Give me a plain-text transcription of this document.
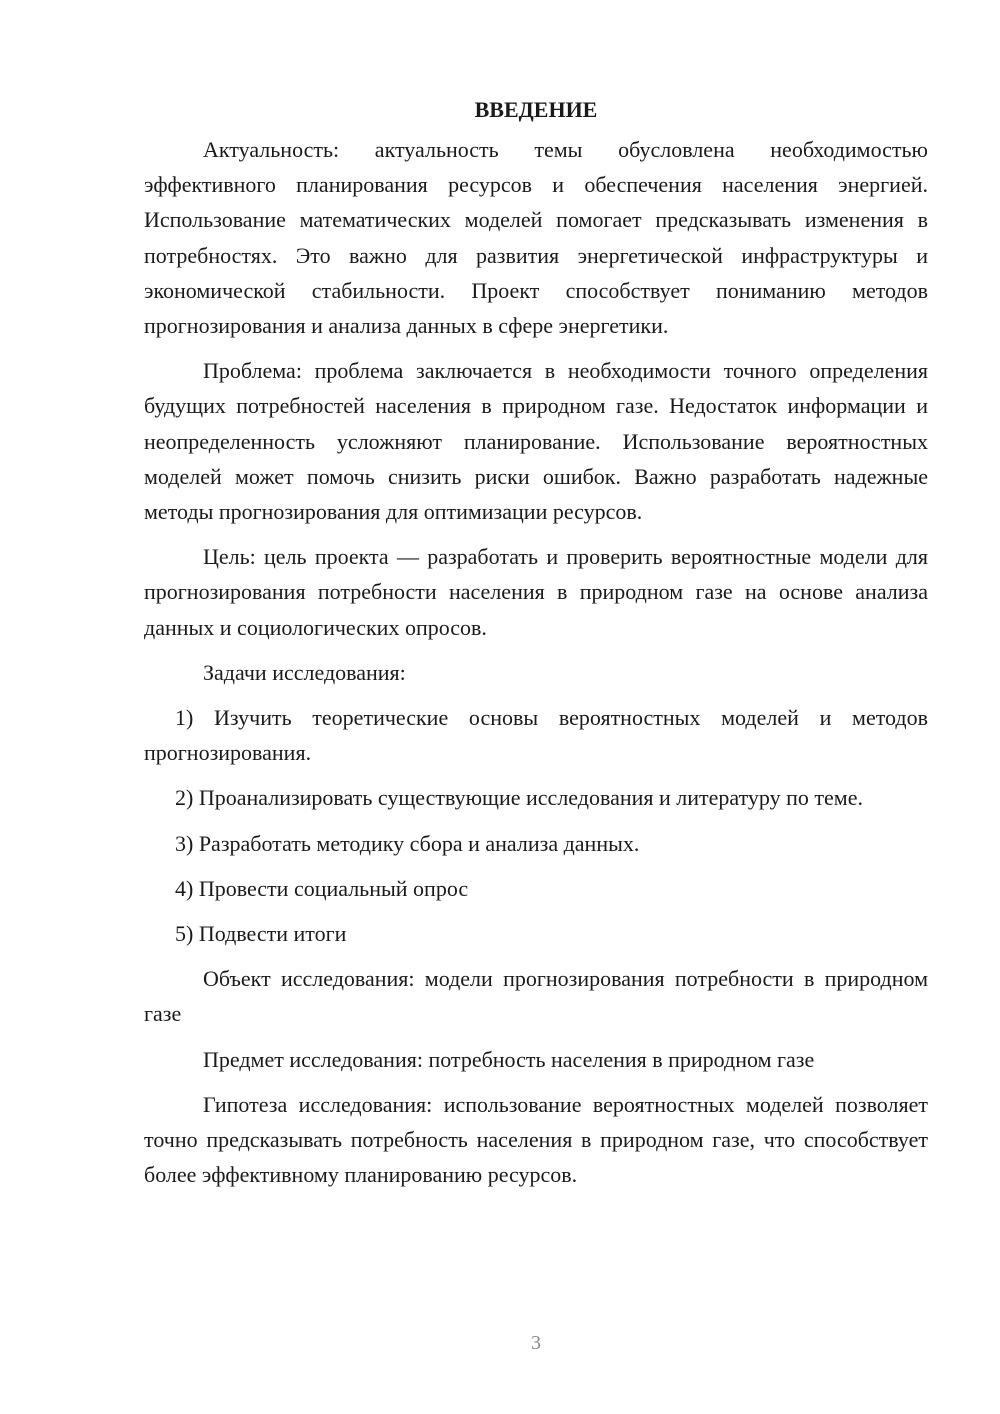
ВВЕДЕНИЕ

Актуальность: актуальность темы обусловлена необходимостью эффективного планирования ресурсов и обеспечения населения энергией. Использование математических моделей помогает предсказывать изменения в потребностях. Это важно для развития энергетической инфраструктуры и экономической стабильности. Проект способствует пониманию методов прогнозирования и анализа данных в сфере энергетики.

Проблема: проблема заключается в необходимости точного определения будущих потребностей населения в природном газе. Недостаток информации и неопределенность усложняют планирование. Использование вероятностных моделей может помочь снизить риски ошибок. Важно разработать надежные методы прогнозирования для оптимизации ресурсов.

Цель: цель проекта — разработать и проверить вероятностные модели для прогнозирования потребности населения в природном газе на основе анализа данных и социологических опросов.

Задачи исследования:

1) Изучить теоретические основы вероятностных моделей и методов прогнозирования.

2) Проанализировать существующие исследования и литературу по теме.

3) Разработать методику сбора и анализа данных.

4) Провести социальный опрос

5) Подвести итоги

Объект исследования: модели прогнозирования потребности в природном газе

Предмет исследования: потребность населения в природном газе

Гипотеза исследования: использование вероятностных моделей позволяет точно предсказывать потребность населения в природном газе, что способствует более эффективному планированию ресурсов.

3
